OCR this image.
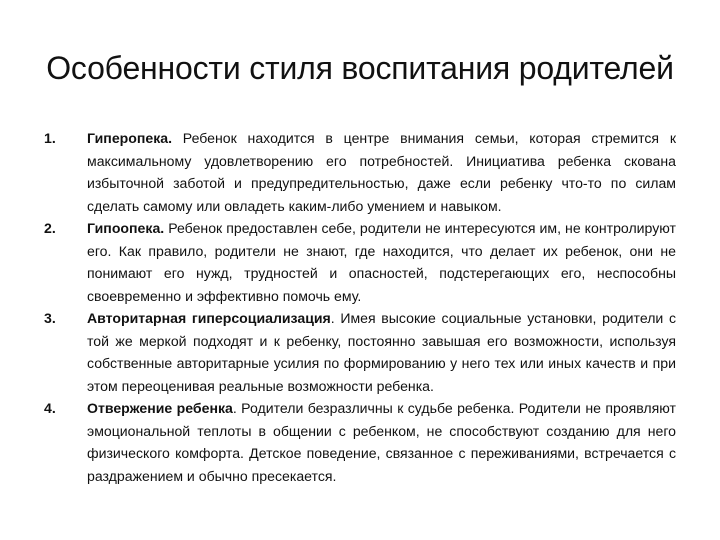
Особенности стиля воспитания родителей
1. Гиперопека. Ребенок находится в центре внимания семьи, которая стремится к максимальному удовлетворению его потребностей. Инициатива ребенка скована избыточной заботой и предупредительностью, даже если ребенку что-то по силам сделать самому или овладеть каким-либо умением и навыком.
2. Гипоопека. Ребенок предоставлен себе, родители не интересуются им, не контролируют его. Как правило, родители не знают, где находится, что делает их ребенок, они не понимают его нужд, трудностей и опасностей, подстерегающих его, неспособны своевременно и эффективно помочь ему.
3. Авторитарная гиперсоциализация. Имея высокие социальные установки, родители с той же меркой подходят и к ребенку, постоянно завышая его возможности, используя собственные авторитарные усилия по формированию у него тех или иных качеств и при этом переоценивая реальные возможности ребенка.
4. Отвержение ребенка. Родители безразличны к судьбе ребенка. Родители не проявляют эмоциональной теплоты в общении с ребенком, не способствуют созданию для него физического комфорта. Детское поведение, связанное с переживаниями, встречается с раздражением и обычно пресекается.
